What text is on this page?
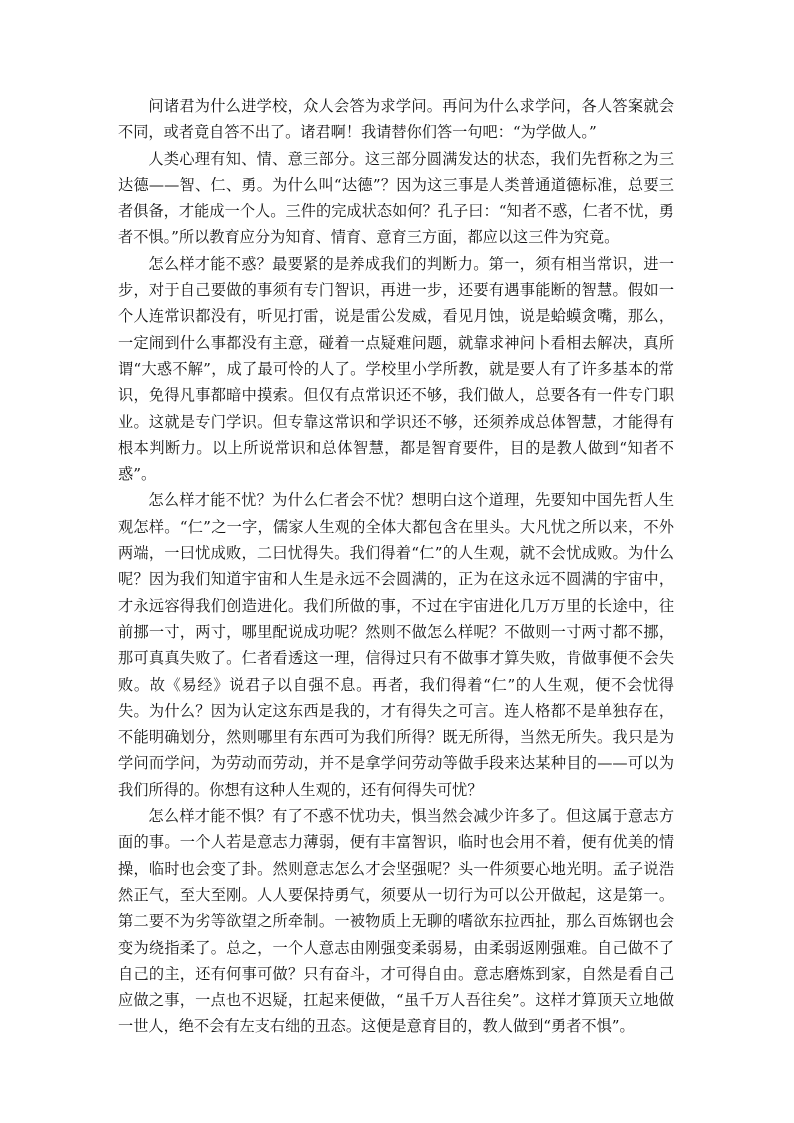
问诸君为什么进学校，众人会答为求学问。再问为什么求学问，各人答案就会不同，或者竟自答不出了。诸君啊！我请替你们答一句吧：“为学做人。”

人类心理有知、情、意三部分。这三部分圆满发达的状态，我们先哲称之为三达德——智、仁、勇。为什么叫“达德”？因为这三事是人类普通道德标准，总要三者俱备，才能成一个人。三件的完成状态如何？孔子曰：“知者不惑，仁者不忧，勇者不惧。”所以教育应分为知育、情育、意育三方面，都应以这三件为究竟。

怎么样才能不惑？最要紧的是养成我们的判断力。第一，须有相当常识，进一步，对于自己要做的事须有专门智识，再进一步，还要有遇事能断的智慧。假如一个人连常识都没有，听见打雷，说是雷公发威，看见月蚀，说是蛤蟆贪嘴，那么，一定闹到什么事都没有主意，碰着一点疑难问题，就靠求神问卜看相去解决，真所谓“大惑不解”，成了最可怜的人了。学校里小学所教，就是要人有了许多基本的常识，免得凡事都暗中摸索。但仅有点常识还不够，我们做人，总要各有一件专门职业。这就是专门学识。但专靠这常识和学识还不够，还须养成总体智慧，才能得有根本判断力。以上所说常识和总体智慧，都是智育要件，目的是教人做到“知者不惑”。

怎么样才能不忧？为什么仁者会不忧？想明白这个道理，先要知中国先哲人生观怎样。“仁”之一字，儒家人生观的全体大都包含在里头。大凡忧之所以来，不外两端，一曰忧成败，二曰忧得失。我们得着“仁”的人生观，就不会忧成败。为什么呢？因为我们知道宇宙和人生是永远不会圆满的，正为在这永远不圆满的宇宙中，才永远容得我们创造进化。我们所做的事，不过在宇宙进化几万万里的长途中，往前挪一寸，两寸，哪里配说成功呢？然则不做怎么样呢？不做则一寸两寸都不挪，那可真真失败了。仁者看透这一理，信得过只有不做事才算失败，肯做事便不会失败。故《易经》说君子以自强不息。再者，我们得着“仁”的人生观，便不会忧得失。为什么？因为认定这东西是我的，才有得失之可言。连人格都不是单独存在，不能明确划分，然则哪里有东西可为我们所得？既无所得，当然无所失。我只是为学问而学问，为劳动而劳动，并不是拿学问劳动等做手段来达某种目的——可以为我们所得的。你想有这种人生观的，还有何得失可忧？

怎么样才能不惧？有了不惑不忧功夫，惧当然会减少许多了。但这属于意志方面的事。一个人若是意志力薄弱，便有丰富智识，临时也会用不着，便有优美的情操，临时也会变了卦。然则意志怎么才会坚强呢？头一件须要心地光明。孟子说浩然正气，至大至刚。人人要保持勇气，须要从一切行为可以公开做起，这是第一。第二要不为劣等欲望之所牵制。一被物质上无聊的嗜欲东拉西扯，那么百炼钢也会变为绕指柔了。总之，一个人意志由刚强变柔弱易，由柔弱返刚强难。自己做不了自己的主，还有何事可做？只有奋斗，才可得自由。意志磨炼到家，自然是看自己应做之事，一点也不迟疑，扛起来便做，“虽千万人吾往矣”。这样才算顶天立地做一世人，绝不会有左支右绌的丑态。这便是意育目的，教人做到“勇者不惧”。
